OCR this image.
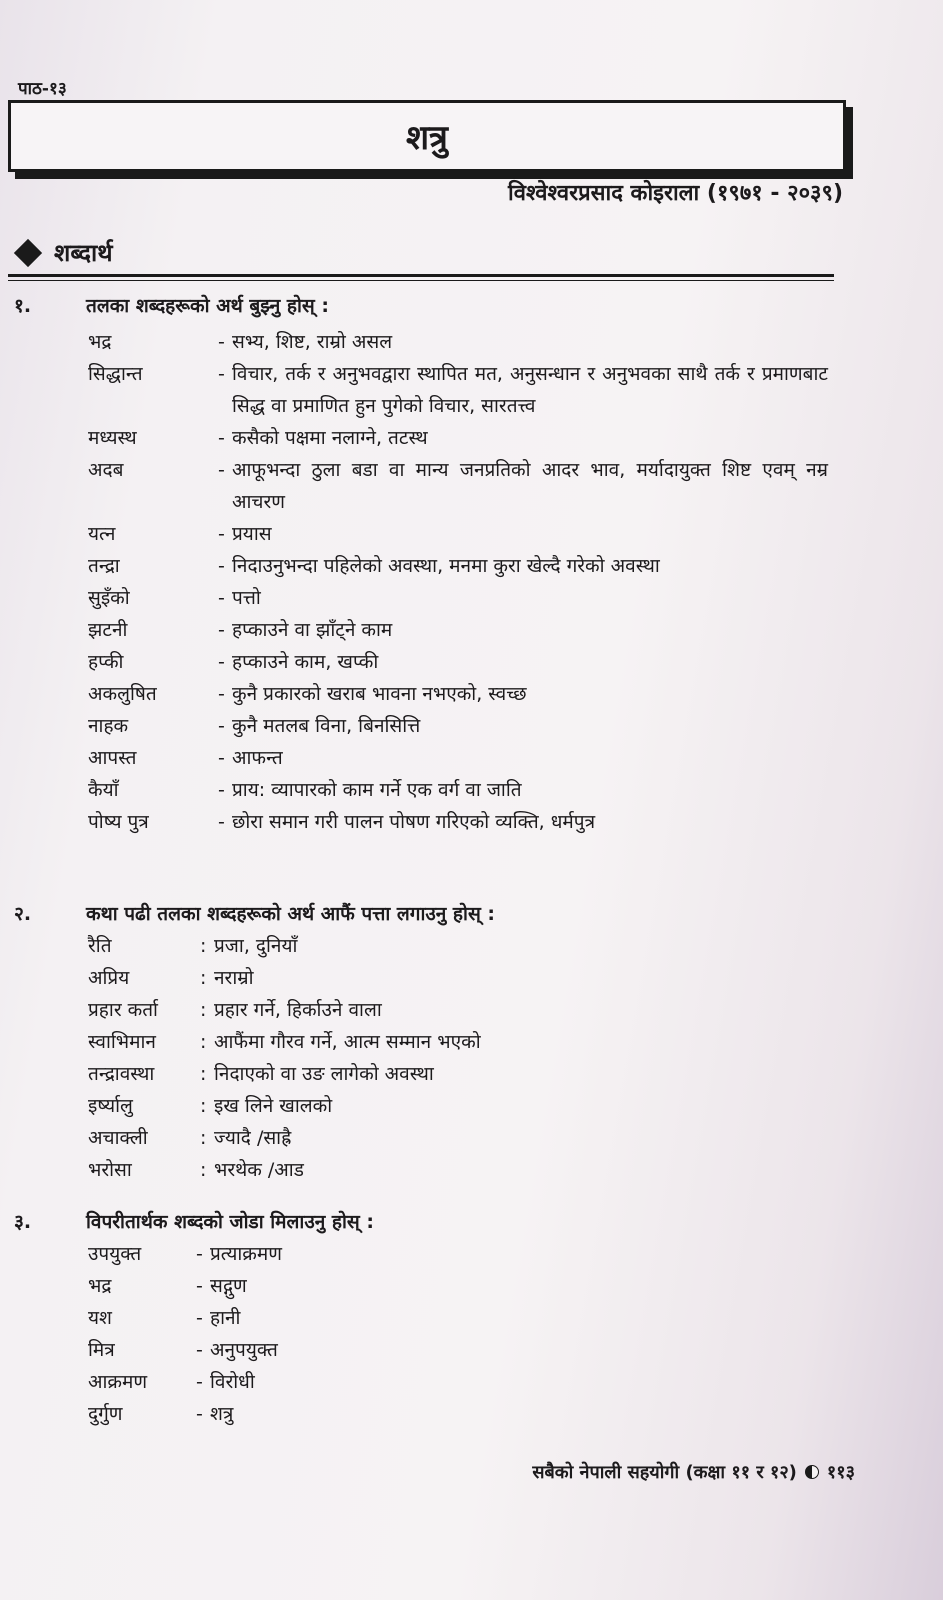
पाठ-१३
शत्रु
विश्वेश्वरप्रसाद कोइराला (१९७१ - २०३९)
शब्दार्थ
१.	तलका शब्दहरूको अर्थ बुझ्नु होस् :
भद्र	- सभ्य, शिष्ट, राम्रो असल
सिद्धान्त	- विचार, तर्क र अनुभवद्वारा स्थापित मत, अनुसन्धान र अनुभवका साथै तर्क र प्रमाणबाट सिद्ध वा प्रमाणित हुन पुगेको विचार, सारतत्त्व
मध्यस्थ	- कसैको पक्षमा नलाग्ने, तटस्थ
अदब	- आफूभन्दा ठुला बडा वा मान्य जनप्रतिको आदर भाव, मर्यादायुक्त शिष्ट एवम् नम्र आचरण
यत्न	- प्रयास
तन्द्रा	- निदाउनुभन्दा पहिलेको अवस्था, मनमा कुरा खेल्दै गरेको अवस्था
सुइँको	- पत्तो
झटनी	- हप्काउने वा झाँट्ने काम
हप्की	- हप्काउने काम, खप्की
अकलुषित	- कुनै प्रकारको खराब भावना नभएको, स्वच्छ
नाहक	- कुनै मतलब विना, बिनसित्ति
आपस्त	- आफन्त
कैयाँ	- प्राय: व्यापारको काम गर्ने एक वर्ग वा जाति
पोष्य पुत्र	- छोरा समान गरी पालन पोषण गरिएको व्यक्ति, धर्मपुत्र
२.	कथा पढी तलका शब्दहरूको अर्थ आफैं पत्ता लगाउनु होस् :
रैति	: प्रजा, दुनियाँ
अप्रिय	: नराम्रो
प्रहार कर्ता	: प्रहार गर्ने, हिर्काउने वाला
स्वाभिमान	: आफैंमा गौरव गर्ने, आत्म सम्मान भएको
तन्द्रावस्था	: निदाएको वा उङ लागेको अवस्था
इर्ष्यालु	: इख लिने खालको
अचाक्ली	: ज्यादै /साह्रै
भरोसा	: भरथेक /आड
३.	विपरीतार्थक शब्दको जोडा मिलाउनु होस् :
उपयुक्त	- प्रत्याक्रमण
भद्र	- सद्गुण
यश	- हानी
मित्र	- अनुपयुक्त
आक्रमण	- विरोधी
दुर्गुण	- शत्रु
सबैको नेपाली सहयोगी (कक्षा ११ र १२) ११३
